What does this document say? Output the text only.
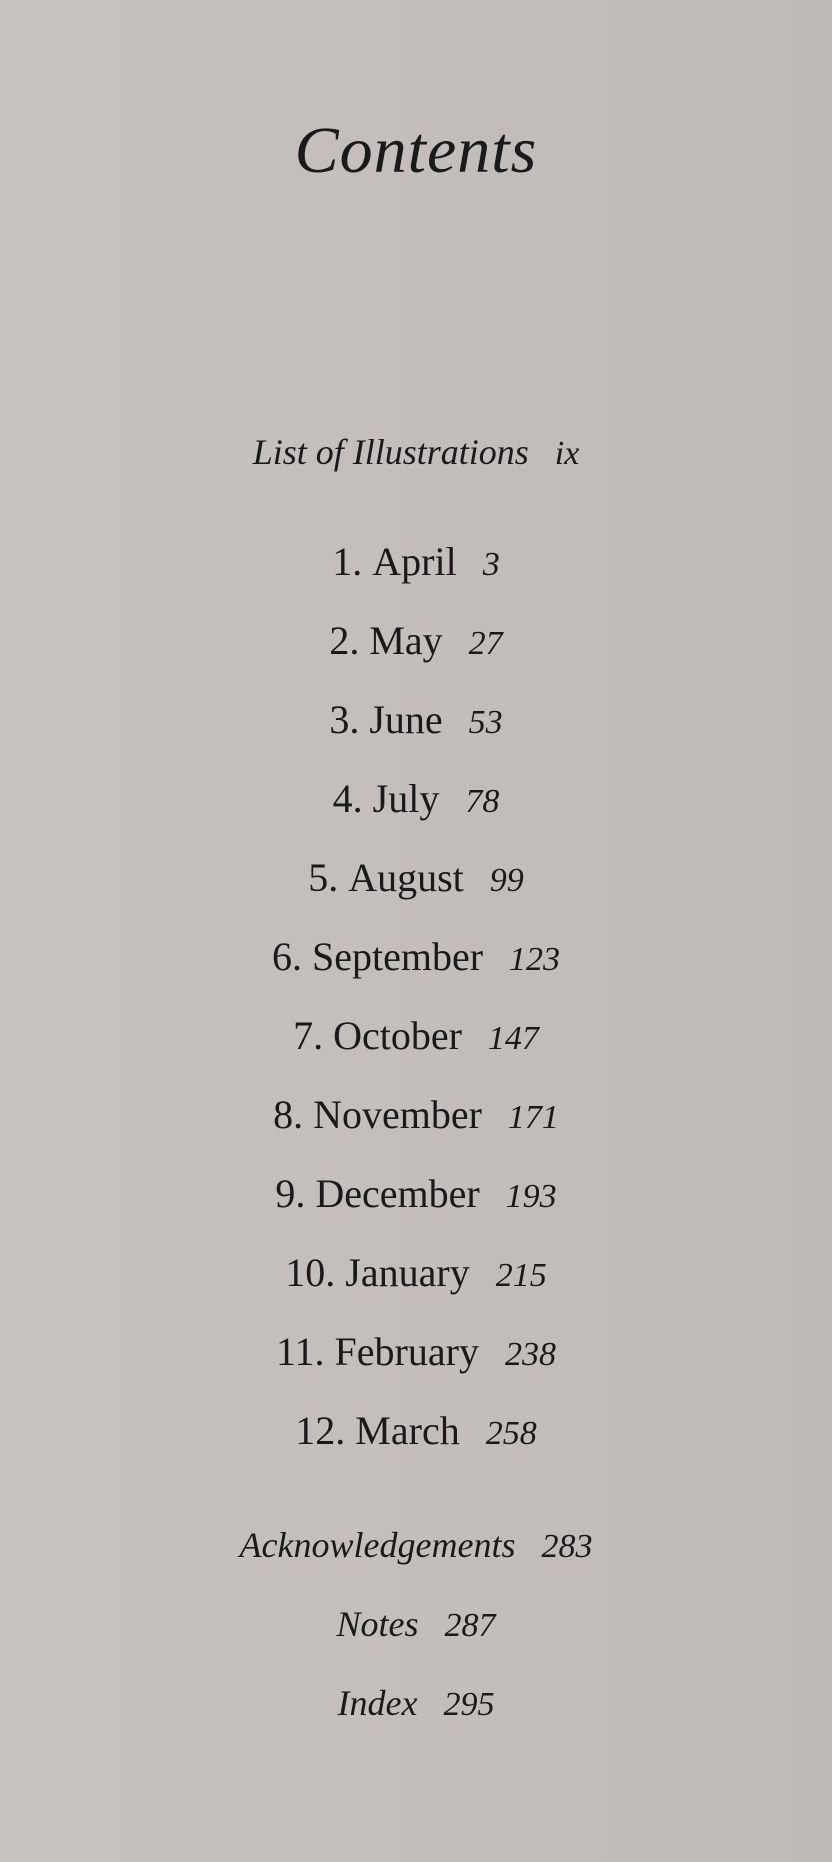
Contents
List of Illustrations ix
1. April 3
2. May 27
3. June 53
4. July 78
5. August 99
6. September 123
7. October 147
8. November 171
9. December 193
10. January 215
11. February 238
12. March 258
Acknowledgements 283
Notes 287
Index 295
